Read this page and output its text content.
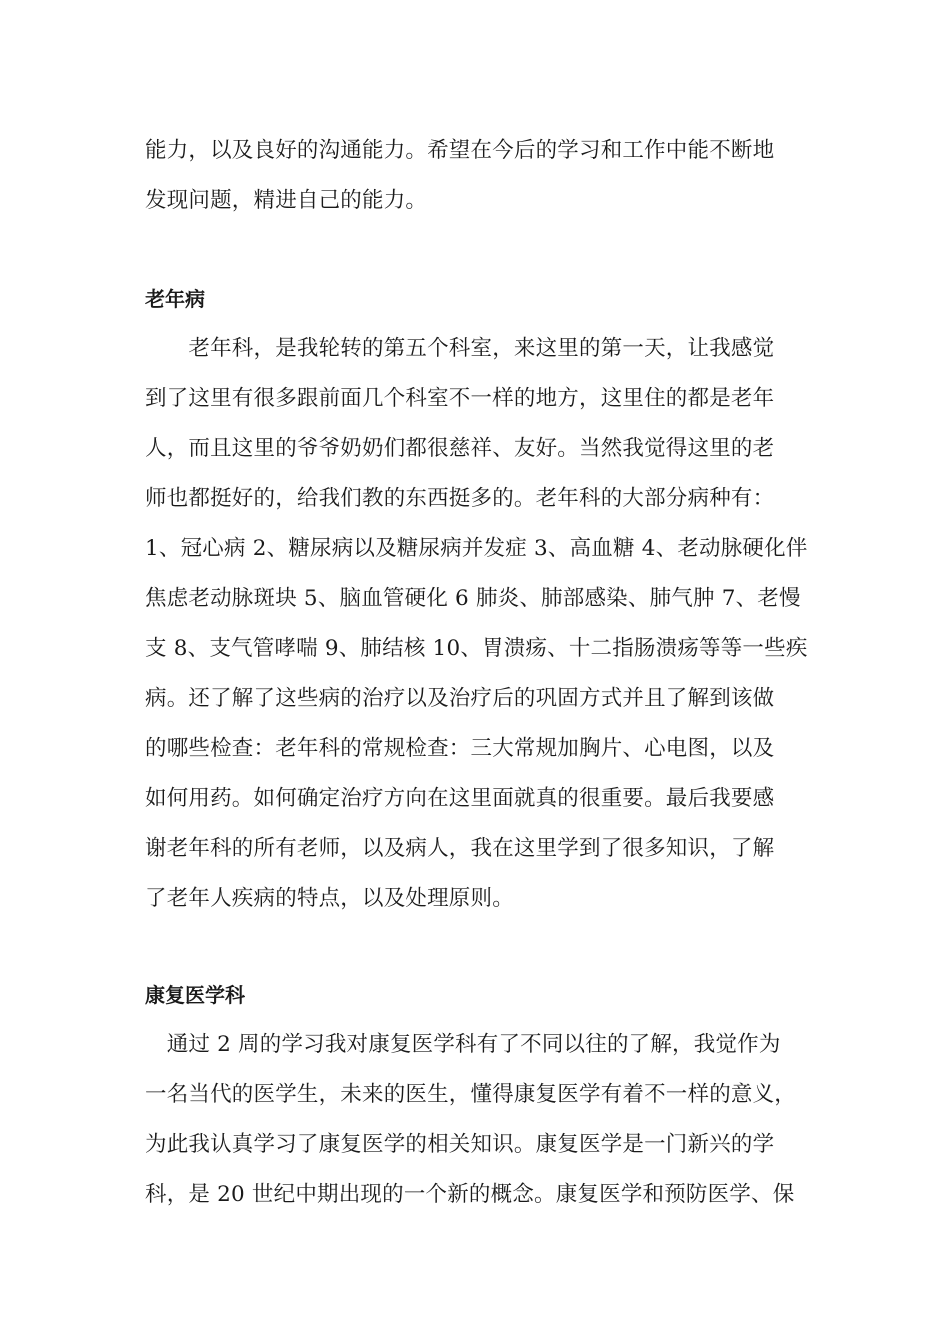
能力，以及良好的沟通能力。希望在今后的学习和工作中能不断地
发现问题，精进自己的能力。
老年病
　　老年科，是我轮转的第五个科室，来这里的第一天，让我感觉
到了这里有很多跟前面几个科室不一样的地方，这里住的都是老年
人，而且这里的爷爷奶奶们都很慈祥、友好。当然我觉得这里的老
师也都挺好的，给我们教的东西挺多的。老年科的大部分病种有：
1、冠心病 2、糖尿病以及糖尿病并发症 3、高血糖 4、老动脉硬化伴
焦虑老动脉斑块 5、脑血管硬化 6 肺炎、肺部感染、肺气肿 7、老慢
支 8、支气管哮喘 9、肺结核 10、胃溃疡、十二指肠溃疡等等一些疾
病。还了解了这些病的治疗以及治疗后的巩固方式并且了解到该做
的哪些检查：老年科的常规检查：三大常规加胸片、心电图，以及
如何用药。如何确定治疗方向在这里面就真的很重要。最后我要感
谢老年科的所有老师，以及病人，我在这里学到了很多知识，了解
了老年人疾病的特点，以及处理原则。
康复医学科
　通过 2 周的学习我对康复医学科有了不同以往的了解，我觉作为
一名当代的医学生，未来的医生，懂得康复医学有着不一样的意义，
为此我认真学习了康复医学的相关知识。康复医学是一门新兴的学
科，是 20 世纪中期出现的一个新的概念。康复医学和预防医学、保
